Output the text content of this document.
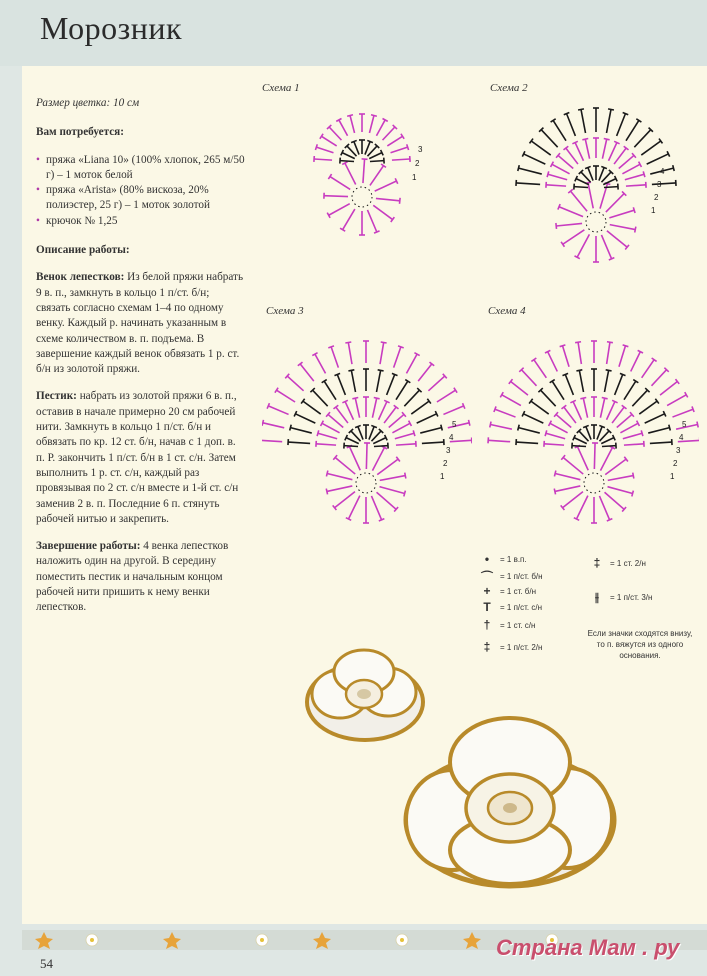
Морозник

Размер цветка: 10 см

Вам потребуется:

• пряжа «Liana 10» (100% хлопок, 265 м/50 г) – 1 моток белой
• пряжа «Arista» (80% вискоза, 20% полиэстер, 25 г) – 1 моток золотой
• крючок № 1,25

Описание работы:

Венок лепестков: Из белой пряжи набрать 9 в. п., замкнуть в кольцо 1 п/ст. б/н; связать согласно схемам 1–4 по одному венку. Каждый р. начинать указанным в схеме количеством в. п. подъема. В завершение каждый венок обвязать 1 р. ст. б/н из золотой пряжи.

Пестик: набрать из золотой пряжи 6 в. п., оставив в начале примерно 20 см рабочей нити. Замкнуть в кольцо 1 п/ст. б/н и обвязать по кр. 12 ст. б/н, начав с 1 доп. в. п. Р. закончить 1 п/ст. б/н в 1 ст. с/н. Затем выполнить 1 р. ст. с/н, каждый раз провязывая по 2 ст. с/н вместе и 1-й ст. с/н заменив 2 в. п. Последние 6 п. стянуть рабочей нитью и закрепить.

Завершение работы: 4 венка лепестков наложить один на другой. В середину поместить пестик и начальным концом рабочей нити пришить к нему венки лепестков.

Схема 1	Схема 2
Схема 3	Схема 4
3
2
1
4
3
2
1
5
4
3
2
1
5
4
3
2
1
•	= 1 в.п.
⌒ = 1 п/ст. б/н
+	= 1 ст. б/н
T	= 1 п/ст. с/н
†	= 1 ст. с/н
‡	= 1 п/ст. 2/н
‡	= 1 ст. 2/н
⫲	= 1 п/ст. 3/н
Если значки сходятся внизу, то п. вяжутся из одного основания.
54
Страна Мам . ру
